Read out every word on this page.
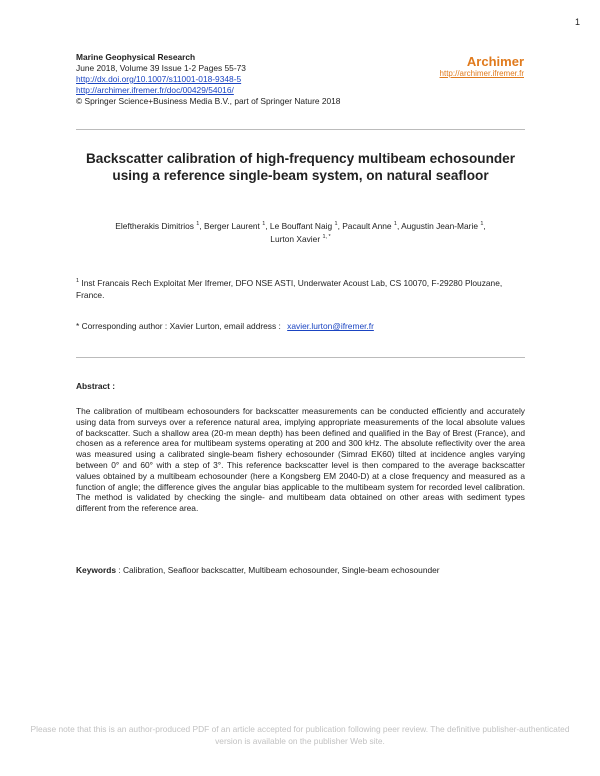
1
Marine Geophysical Research
June 2018, Volume 39 Issue 1-2 Pages 55-73
http://dx.doi.org/10.1007/s11001-018-9348-5
http://archimer.ifremer.fr/doc/00429/54016/
© Springer Science+Business Media B.V., part of Springer Nature 2018
Archimer
http://archimer.ifremer.fr
Backscatter calibration of high-frequency multibeam echosounder using a reference single-beam system, on natural seafloor
Eleftherakis Dimitrios $^1$, Berger Laurent $^1$, Le Bouffant Naig $^1$, Pacault Anne $^1$, Augustin Jean-Marie $^1$,
Lurton Xavier $^{1, *}$
$^1$ Inst Francais Rech Exploitat Mer Ifremer, DFO NSE ASTI, Underwater Acoust Lab, CS 10070, F-29280 Plouzane, France.
* Corresponding author : Xavier Lurton, email address : xavier.lurton@ifremer.fr
Abstract :
The calibration of multibeam echosounders for backscatter measurements can be conducted efficiently and accurately using data from surveys over a reference natural area, implying appropriate measurements of the local absolute values of backscatter. Such a shallow area (20-m mean depth) has been defined and qualified in the Bay of Brest (France), and chosen as a reference area for multibeam systems operating at 200 and 300 kHz. The absolute reflectivity over the area was measured using a calibrated single-beam fishery echosounder (Simrad EK60) tilted at incidence angles varying between 0° and 60° with a step of 3°. This reference backscatter level is then compared to the average backscatter values obtained by a multibeam echosounder (here a Kongsberg EM 2040-D) at a close frequency and measured as a function of angle; the difference gives the angular bias applicable to the multibeam system for recorded level calibration. The method is validated by checking the single- and multibeam data obtained on other areas with sediment types different from the reference area.
Keywords : Calibration, Seafloor backscatter, Multibeam echosounder, Single-beam echosounder
Please note that this is an author-produced PDF of an article accepted for publication following peer review. The definitive publisher-authenticated version is available on the publisher Web site.
